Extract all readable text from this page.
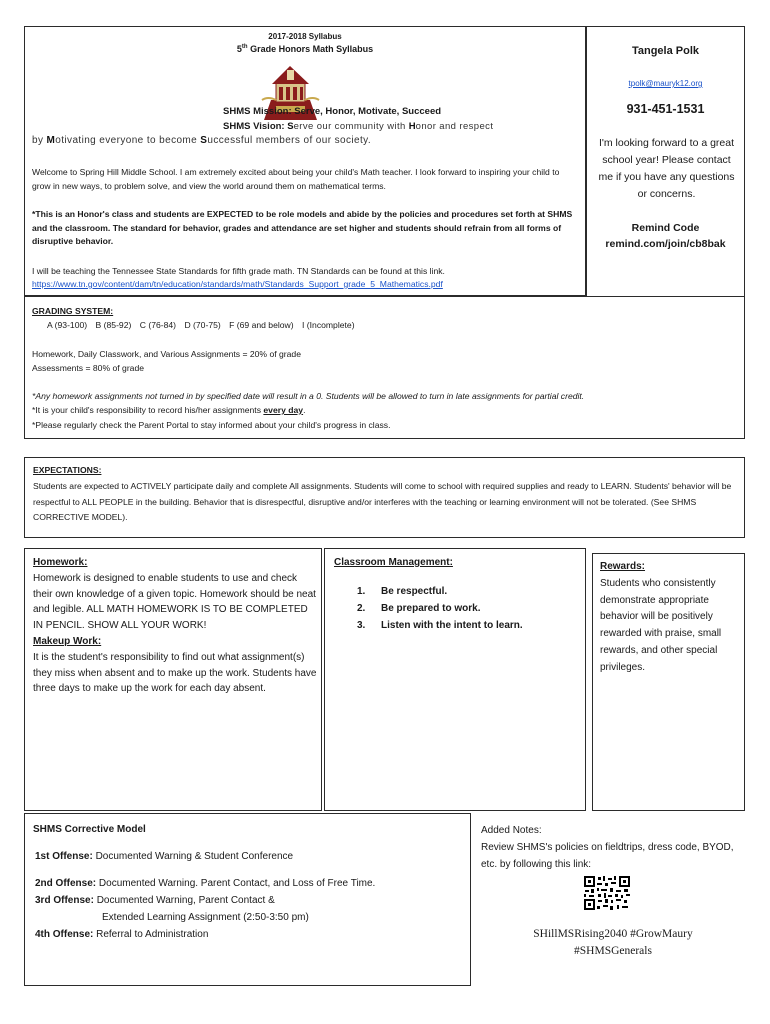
2017-2018 Syllabus
5th Grade Honors Math Syllabus
SHMS Mission: Serve, Honor, Motivate, Succeed
SHMS Vision: Serve our community with Honor and respect
by Motivating everyone to become Successful members of our society.
Welcome to Spring Hill Middle School. I am extremely excited about being your child's Math teacher. I look forward to inspiring your child to grow in new ways, to problem solve, and view the world around them on mathematical terms.
*This is an Honor's class and students are EXPECTED to be role models and abide by the policies and procedures set forth at SHMS and the classroom. The standard for behavior, grades and attendance are set higher and students should refrain from all forms of disruptive behavior.
I will be teaching the Tennessee State Standards for fifth grade math. TN Standards can be found at this link.
https://www.tn.gov/content/dam/tn/education/standards/math/Standards_Support_grade_5_Mathematics.pdf
Tangela Polk
tpolk@mauryk12.org
931-451-1531
I'm looking forward to a great school year! Please contact me if you have any questions or concerns.
Remind Code
remind.com/join/cb8bak
GRADING SYSTEM:
A (93-100) B (85-92) C (76-84) D (70-75) F (69 and below) I (Incomplete)
Homework, Daily Classwork, and Various Assignments = 20% of grade
Assessments = 80% of grade
*Any homework assignments not turned in by specified date will result in a 0. Students will be allowed to turn in late assignments for partial credit.
*It is your child's responsibility to record his/her assignments every day.
*Please regularly check the Parent Portal to stay informed about your child's progress in class.
EXPECTATIONS:
Students are expected to ACTIVELY participate daily and complete All assignments. Students will come to school with required supplies and ready to LEARN. Students' behavior will be respectful to ALL PEOPLE in the building. Behavior that is disrespectful, disruptive and/or interferes with the teaching or learning environment will not be tolerated. (See SHMS CORRECTIVE MODEL).
Homework:
Homework is designed to enable students to use and check their own knowledge of a given topic. Homework should be neat and legible. ALL MATH HOMEWORK IS TO BE COMPLETED IN PENCIL. SHOW ALL YOUR WORK!
Makeup Work:
It is the student's responsibility to find out what assignment(s) they miss when absent and to make up the work. Students have three days to make up the work for each day absent.
Classroom Management:
1. Be respectful.
2. Be prepared to work.
3. Listen with the intent to learn.
Rewards:
Students who consistently demonstrate appropriate behavior will be positively rewarded with praise, small rewards, and other special privileges.
SHMS Corrective Model
1st Offense: Documented Warning & Student Conference
2nd Offense: Documented Warning. Parent Contact, and Loss of Free Time.
3rd Offense: Documented Warning, Parent Contact &
Extended Learning Assignment (2:50-3:50 pm)
4th Offense: Referral to Administration
Added Notes:
Review SHMS's policies on fieldtrips, dress code, BYOD, etc. by following this link:
SHillMSRising2040 #GrowMaury
#SHMSGenerals
